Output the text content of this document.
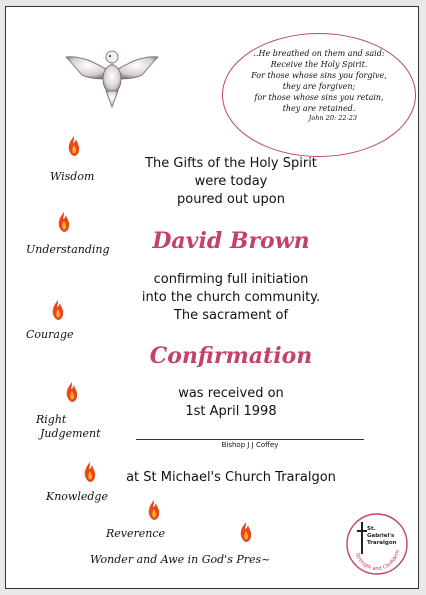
..He breathed on them and said:
Receive the Holy Spirit.
For those whose sins you forgive,
they are forgiven;
for those whose sins you retain,
they are retained.
John 20: 22-23
The Gifts of the Holy Spirit
were today
poured out upon
David Brown
confirming full initiation
into the church community.
The sacrament of
Confirmation
was received on
1st April 1998
Bishop J J Coffey
at St Michael's Church Traralgon
Wisdom
Understanding
Courage
Right
Judgement
Knowledge
Reverence
Wonder and Awe in God's Pres~	Strength and Confidence
St.
Gabriel's
Traralgon
